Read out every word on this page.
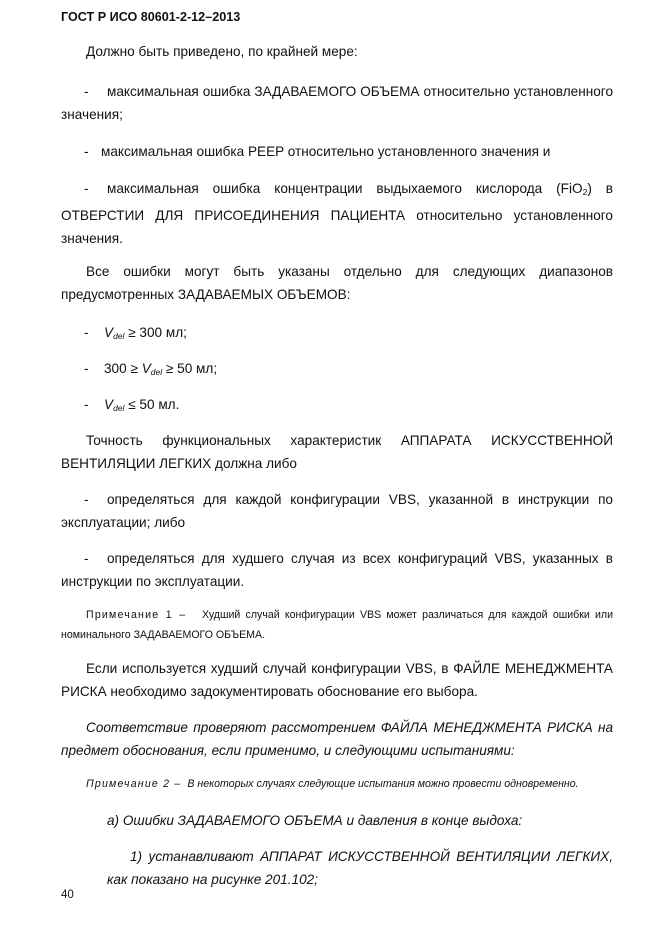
ГОСТ Р ИСО 80601-2-12–2013

Должно быть приведено, по крайней мере:

-	максимальная ошибка ЗАДАВАЕМОГО ОБЪЕМА относительно установленного значения;

- максимальная ошибка PEEP относительно установленного значения и

-	максимальная ошибка концентрации выдыхаемого кислорода (FiO$_2$) в ОТВЕРСТИИ ДЛЯ ПРИСОЕДИНЕНИЯ ПАЦИЕНТА относительно установленного значения.

Все ошибки могут быть указаны отдельно для следующих диапазонов предусмотренных ЗАДАВАЕМЫХ ОБЪЕМОВ:

- $V_{del} \ge 300$ мл;
- $300 \ge V_{del} \ge 50$ мл;
- $V_{del} \le 50$ мл.

Точность функциональных характеристик АППАРАТА ИСКУССТВЕННОЙ ВЕНТИЛЯЦИИ ЛЕГКИХ должна либо

-	определяться для каждой конфигурации VBS, указанной в инструкции по эксплуатации; либо

-	определяться для худшего случая из всех конфигураций VBS, указанных в инструкции по эксплуатации.

Примечание 1 – Худший случай конфигурации VBS может различаться для каждой ошибки или номинального ЗАДАВАЕМОГО ОБЪЕМА.

Если используется худший случай конфигурации VBS, в ФАЙЛЕ МЕНЕДЖМЕНТА РИСКА необходимо задокументировать обоснование его выбора.

Соответствие проверяют рассмотрением ФАЙЛА МЕНЕДЖМЕНТА РИСКА на предмет обоснования, если применимо, и следующими испытаниями:

Примечание 2 – В некоторых случаях следующие испытания можно провести одновременно.

а) Ошибки ЗАДАВАЕМОГО ОБЪЕМА и давления в конце выдоха:
1) устанавливают АППАРАТ ИСКУССТВЕННОЙ ВЕНТИЛЯЦИИ ЛЕГКИХ,
как показано на рисунке 201.102;
40
